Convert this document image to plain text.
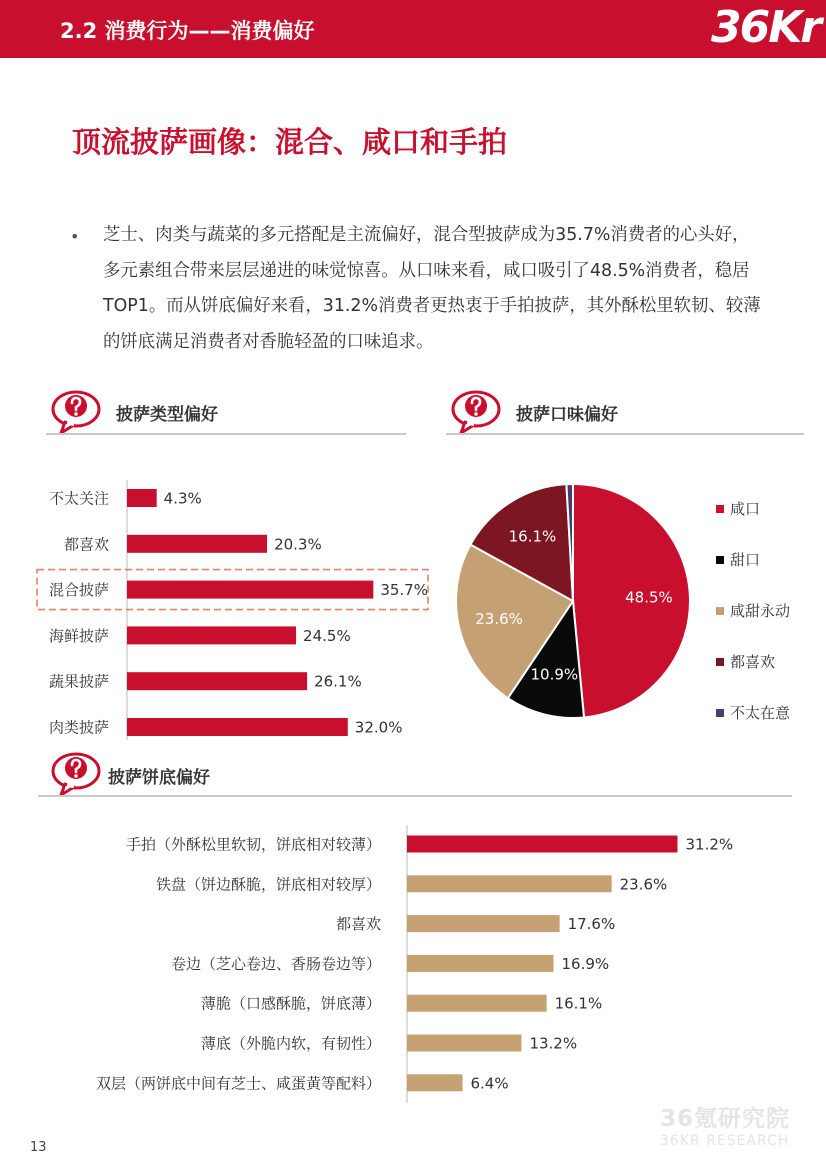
2.2 消费行为——消费偏好	36Kr
顶流披萨画像：混合、咸口和手拍
• 芝士、肉类与蔬菜的多元搭配是主流偏好，混合型披萨成为35.7%消费者的心头好，多元素组合带来层层递进的味觉惊喜。从口味来看，咸口吸引了48.5%消费者，稳居TOP1。而从饼底偏好来看，31.2%消费者更热衷于手拍披萨，其外酥松里软韧、较薄的饼底满足消费者对香脆轻盈的口味追求。
披萨类型偏好	披萨口味偏好
披萨饼底偏好
不太关注	4.3%
都喜欢	20.3%
混合披萨	35.7%
海鲜披萨	24.5%
蔬果披萨	26.1%
肉类披萨	32.0%
48.5%
10.9%
23.6%
16.1%
咸口
甜口
咸甜永动
都喜欢
不太在意
手拍（外酥松里软韧，饼底相对较薄）	31.2%
铁盘（饼边酥脆，饼底相对较厚）	23.6%
都喜欢	17.6%
卷边（芝心卷边、香肠卷边等）	16.9%
薄脆（口感酥脆，饼底薄）	16.1%
薄底（外脆内软，有韧性）	13.2%
双层（两饼底中间有芝士、咸蛋黄等配料）	6.4%
13
36氪研究院
36KR RESEARCH
